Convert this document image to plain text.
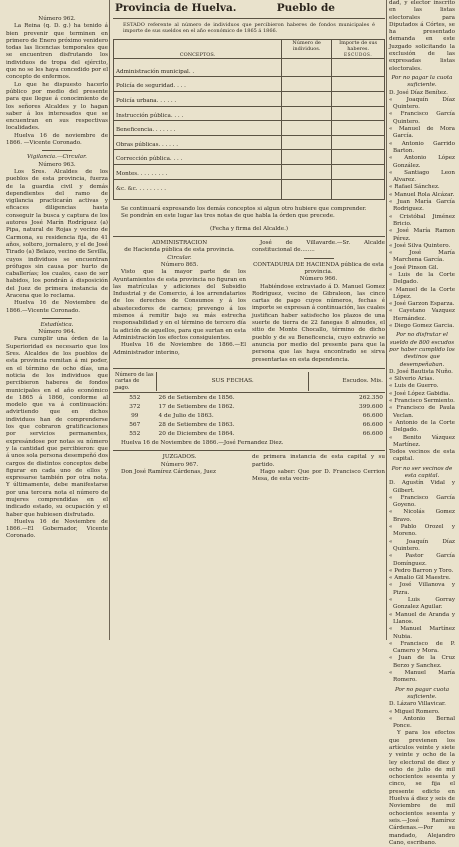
Número 962.

La Reina (q. D. g.) ha tenido á bien prevenir que terminen en primero de Enero próximo venidero todas las licencias temporales que se encuentren disfrutando los individuos de tropa del ejército, que no se les haya concedido por el concepto de enfermos.

Lo que he dispuesto hacerlo público por medio del presente para que llegue á conocimiento de los señores Alcaldes y lo hagan saber á los interesados que se encuentran en sus respectivas localidades.

Huelva 16 de noviembre de 1866. —Vicente Coronado.

Vigilancia.—Circular.

Número 963.

Los Sres. Alcaldes de los pueblos de esta provincia, fuerza de la guardia civil y demás dependientes del ramo de vigilancia practicarán activas y eficaces diligencias hasta conseguir la busca y captura de los autores José Marín Rodríguez (a) Pipa, natural de Rojas y vecino de Carmona, su residencia fija, de 41 años, soltero, jornalero, y el de José Tirado (a) Belazo, vecino de Sevilla, cuyos individuos se encuentran prófugos sin causa por hurto de caballerías; los cuales, caso de ser habidos, los pondrán á disposición del Juez de primera instancia de Aracena que lo reclama.

Huelva 16 de Noviembre de 1866.—Vicente Coronado.

Estadística.

Número 964.

Para cumplir una órden de la Superioridad es necesario que los Sres. Alcaldes de los pueblos de esta provincia remitan á mi poder, en el término de ocho días, una noticia de los individuos que percibieron haberes de fondos municipales en el año económico de 1865 á 1866, conforme al modelo que va á continuación: advirtiendo que en dichos individuos han de comprenderse los que cobraron gratificaciones por servicios permanentes, expresándose por notas su número y la cantidad que percibieron: que á unos sola persona desempeñó dos cargos de distintos conceptos debe figurar en cada uno de ellos y expresarse también por otra nota. Y últimamente, debe manifestarse por una tercera nota el número de mujeres comprendidas en el indicado estado, su ocupación y el haber que hubiesen disfrutado.

Huelva 16 de Noviembre de 1866.—El Gobernador, Vicente Coronado.

Provincia de Huelva.	Pueblo de

ESTADO referente al número de individuos que percibieron haberes de fondos municipales é importe de sus sueldos en el año económico de 1865 á 1866.

CONCEPTOS.	Número de individuos.	Importe de sus haberes.
ESCUDOS.

Administración municipal. .		
Policía de seguridad. . . .		
Policía urbana. . . . . .		
Instrucción pública. . . .		
Beneficencia. . . . . . .		
Obras públicas. . . . . .		
Corrección pública. . . .		
Montes. . . . . . . . .		
&c. &c. . . . . . . . .		

Se continuará expresando los demás conceptos si algun otro hubiere que comprender.

Se pondrán en este lugar las tres notas de que habla la órden que precede.

(Fecha y firma del Alcalde.)

ADMINISTRACION

de Hacienda pública de esta provincia.

Circular.

Número 865.

Visto que la mayor parte de los Ayuntamientos de esta provincia no figuran en las matrículas y adiciones del Subsidio Industrial y de Comercio, á los arrendatarios de los derechos de Consumos y á los abastecedores de carnes; prevengo á los mismos á remitir bajo su más estrecha responsabilidad y en el término de tercero día la adición de aquellos, para que surtan en esta Administración los efectos consiguientes.

Huelva 16 de Noviembre de 1866.—El Administrador interino,

José de Villavarde.—Sr. Alcalde constitucional de........

CONTADURIA DE HACIENDA pública de esta provincia.

Número 966.

Habiéndose extraviado á D. Manuel Gomez Rodriguez, vecino de Gibraleon, las cinco cartas de pago cuyos números, fechas é importe se expresan á continuación, las cuales justifican haber satisfecho los plazos de una suerte de tierra de 22 fanegas 8 almudes, el sitio de Monte Chocallo, término de dicho pueblo y de su Beneficencia, cuyo extravío se anuncia por medio del presente para que la persona que las haya encontrado se sirva presentarlas en esta dependencia.

Número de las cartas de pago.	SUS FECHAS.	Escudos. Mis.
552	26 de Setiembre de 1856.	262.350
372	17 de Setiembre de 1862.	399.600
99	4 de Julio de 1863.	66.600
567	28 de Setiembre de 1863.	66.600
552	20 de Diciembre de 1864.	66.600

Huelva 16 de Noviembre de 1866.—José Fernandez Diez.

JUZGADOS.

Número 967.

Don José Ramírez Cárdenas, Juez

de primera instancia de esta capital y su partido.

Hago saber: Que por D. Francisco Cerrion Mesa, de esta vecin-

dad, y elector inscrito en las listas electorales para Diputados á Córtes, se ha presentado demanda en este Juzgado solicitando la exclusión de las expresadas listas electorales.

Por no pagar la cuota suficiente.

D. José Díaz Benítez.

« Joaquín Díaz Quintero.

« Francisco García Quintero.

« Manuel de Mora García.

« Antonio Garrido Barton.

« Antonio López González.

« Santiago Leon Alvarez.

« Rafael Sánchez.

« Manuel Rola Alcázar.

« Juan María García Rodriguez.

« Cristóbal Jiménez Bricio.

« José María Ramon Pérez.

« José Silva Quintero.

« José María Marchena García.

« José Pinson Gil.

« Luis de la Corte Delgado.

« Manuel de la Corte López.

« José Garzon Esparza.

« Cayetano Vazquez Hernández.

« Diego Gomez Garcia.

Por no disfrutar el sueldo de 800 escudos por haber cumplido los destinos que desempeñaban.

D. José Bautista Nuño.

« Silverio Arias.

« Luis de Guerro.

« José López Gabidia.

« Francisco Sermiento.

« Francisco de Paula Veclan.

« Antonio de la Corte Delgado.

« Benito Vázquez Martínez.

Todos vecinos de esta capital.

Por no ser vecinos de esta capital.

D. Agustín Vidal y Gilbert.

« Francisco García Goyeno.

« Nicolás Gomez Bravo.

« Pablo Orozel y Moreno.

« Joaquín Díaz Quintero.

« Pastor García Domínguez.

« Pedro Barron y Toro.

« Amalio Gil Maestre.

« José Villanova y Pizra.

« Luis Gorray Gonzalez Aguilar.

« Manuel de Aranda y Llanos.

« Manuel Martínez Nubia.

« Francisco de P. Camero y Mora.

« Juan de la Cruz Berzo y Sanchez.

« Manuel María Romero.

Por no pagar cuota suficiente.

D. Lázaro Villavicar.

« Miguel Romero.

« Antonio Bernal Ponce.

Y para los efectos que previenen los artículos veinte y siete y veinte y ocho de la ley electoral de diez y ocho de julio de mil ochocientos sesenta y cinco, se fija el presente edicto en Huelva á diez y seis de Noviembre de mil ochocientos sesenta y seis.—José Ramírez Cárdenas.—Por su mandado, Alejandro Cano, escribano.
